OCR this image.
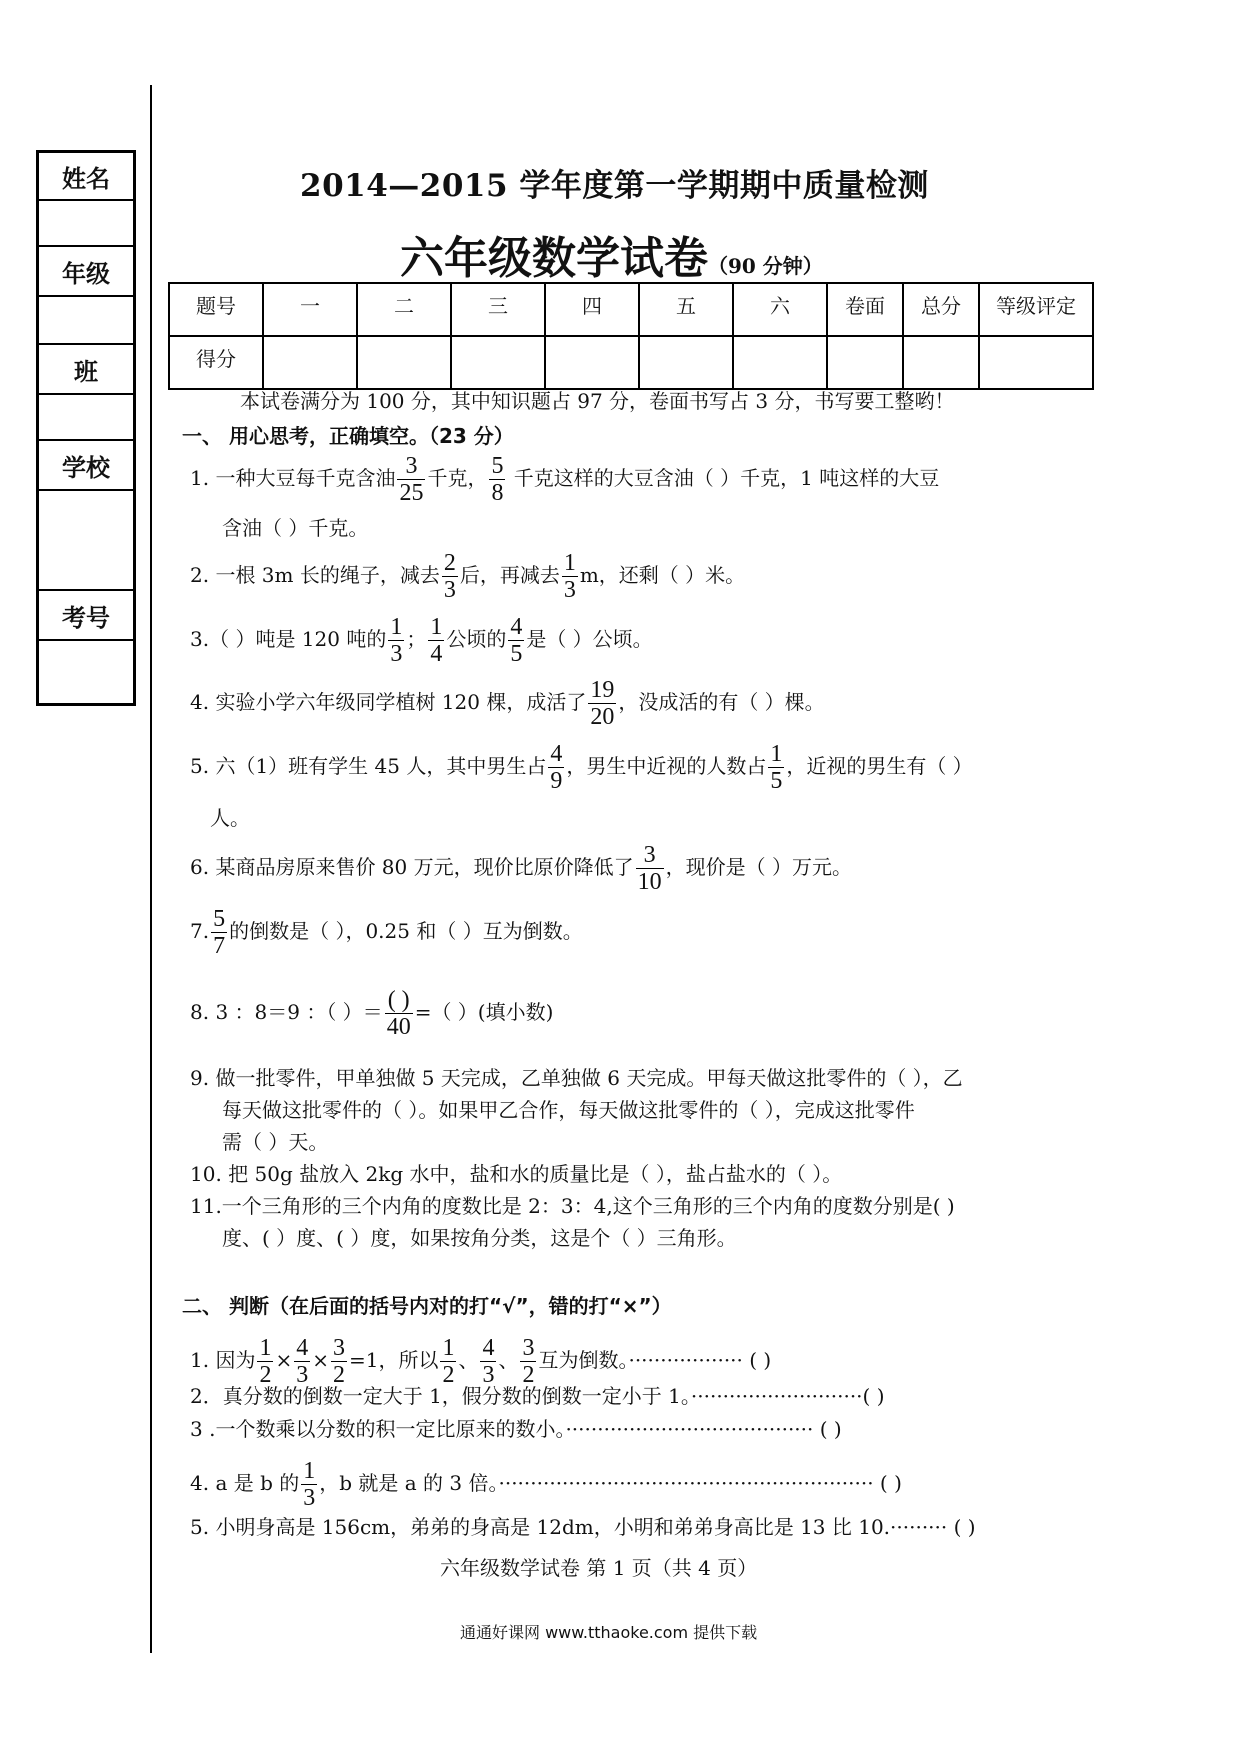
姓名
年级
班
学校
考号
2014—2015 学年度第一学期期中质量检测
六年级数学试卷（90 分钟）
题号	一	二	三	四	五	六	卷面	总分	等级评定
得分									
本试卷满分为 100 分，其中知识题占 97 分，卷面书写占 3 分，书写要工整哟！
一、 用心思考，正确填空。（23 分）
1. 一种大豆每千克含油 $\frac{3}{25}$ 千克， $\frac{5}{8}$ 千克这样的大豆含油（ ）千克，1 吨这样的大豆
含油（ ）千克。
2. 一根 3m 长的绳子，减去 $\frac{2}{3}$ 后，再减去 $\frac{1}{3}$ m，还剩（ ）米。
3.（ ）吨是 120 吨的 $\frac{1}{3}$ ； $\frac{1}{4}$ 公顷的 $\frac{4}{5}$ 是（ ）公顷。
4. 实验小学六年级同学植树 120 棵，成活了 $\frac{19}{20}$ ，没成活的有（ ）棵。
5. 六（1）班有学生 45 人，其中男生占 $\frac{4}{9}$ ，男生中近视的人数占 $\frac{1}{5}$ ，近视的男生有（ ）
人。
6. 某商品房原来售价 80 万元，现价比原价降低了 $\frac{3}{10}$ ，现价是（ ）万元。
7. $\frac{5}{7}$ 的倒数是（ ），0.25 和（ ）互为倒数。
8. 3 ：8＝9 ：（ ）＝ $\frac{( )}{40}$ =（ ）(填小数)
9. 做一批零件，甲单独做 5 天完成，乙单独做 6 天完成。甲每天做这批零件的（ ），乙
每天做这批零件的（ ）。如果甲乙合作，每天做这批零件的（ ），完成这批零件
需（ ）天。
10. 把 50g 盐放入 2kg 水中，盐和水的质量比是（ ），盐占盐水的（ ）。
11.一个三角形的三个内角的度数比是 2：3：4,这个三角形的三个内角的度数分别是( )
度、( ）度、( ）度，如果按角分类，这是个（ ）三角形。
二、 判断（在后面的括号内对的打“√”，错的打“×”）
1. 因为 $\frac{1}{2} \times \frac{4}{3} \times \frac{3}{2} =1$，所以 $\frac{1}{2}$ 、 $\frac{4}{3}$ 、 $\frac{3}{2}$ 互为倒数。·················· ( )
2．真分数的倒数一定大于 1，假分数的倒数一定小于 1。···························( )
3 .一个数乘以分数的积一定比原来的数小。······································· ( )
4. a 是 b 的 $\frac{1}{3}$ ，b 就是 a 的 3 倍。··························································· ( )
5. 小明身高是 156cm，弟弟的身高是 12dm，小明和弟弟身高比是 13 比 10.········· ( )
六年级数学试卷 第 1 页（共 4 页）
通通好课网 www.tthaoke.com 提供下载
